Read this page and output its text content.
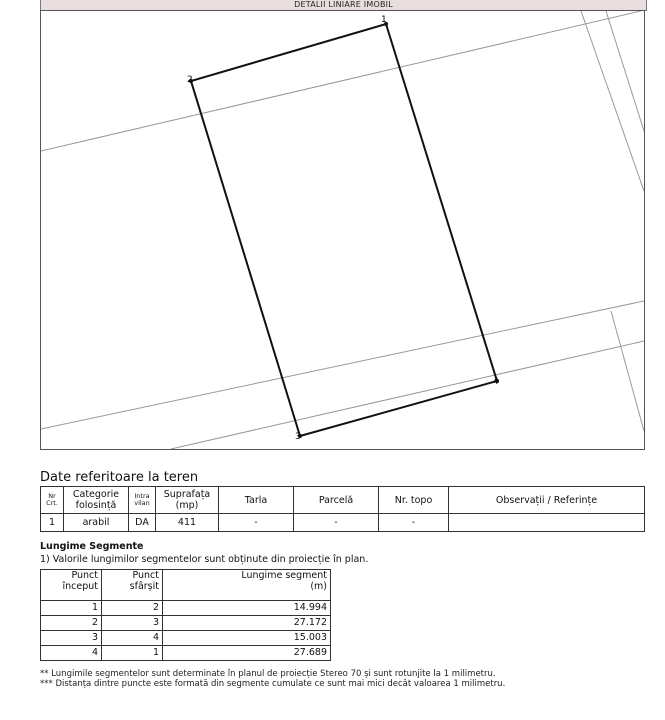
DETALII LINIARE IMOBIL
1
2
3
4
Date referitoare la teren
Nr Crt.	Categorie folosință	Intra vilan	Suprafața (mp)	Tarla	Parcelă	Nr. topo	Observații / Referințe
1	arabil	DA	411	-	-	-	
Lungime Segmente
1) Valorile lungimilor segmentelor sunt obținute din proiecție în plan.
Punct început	Punct sfârșit	Lungime segment
(m)
1	2	14.994
2	3	27.172
3	4	15.003
4	1	27.689
** Lungimile segmentelor sunt determinate în planul de proiecție Stereo 70 și sunt rotunjite la 1 milimetru.
*** Distanța dintre puncte este formată din segmente cumulate ce sunt mai mici decât valoarea 1 milimetru.
